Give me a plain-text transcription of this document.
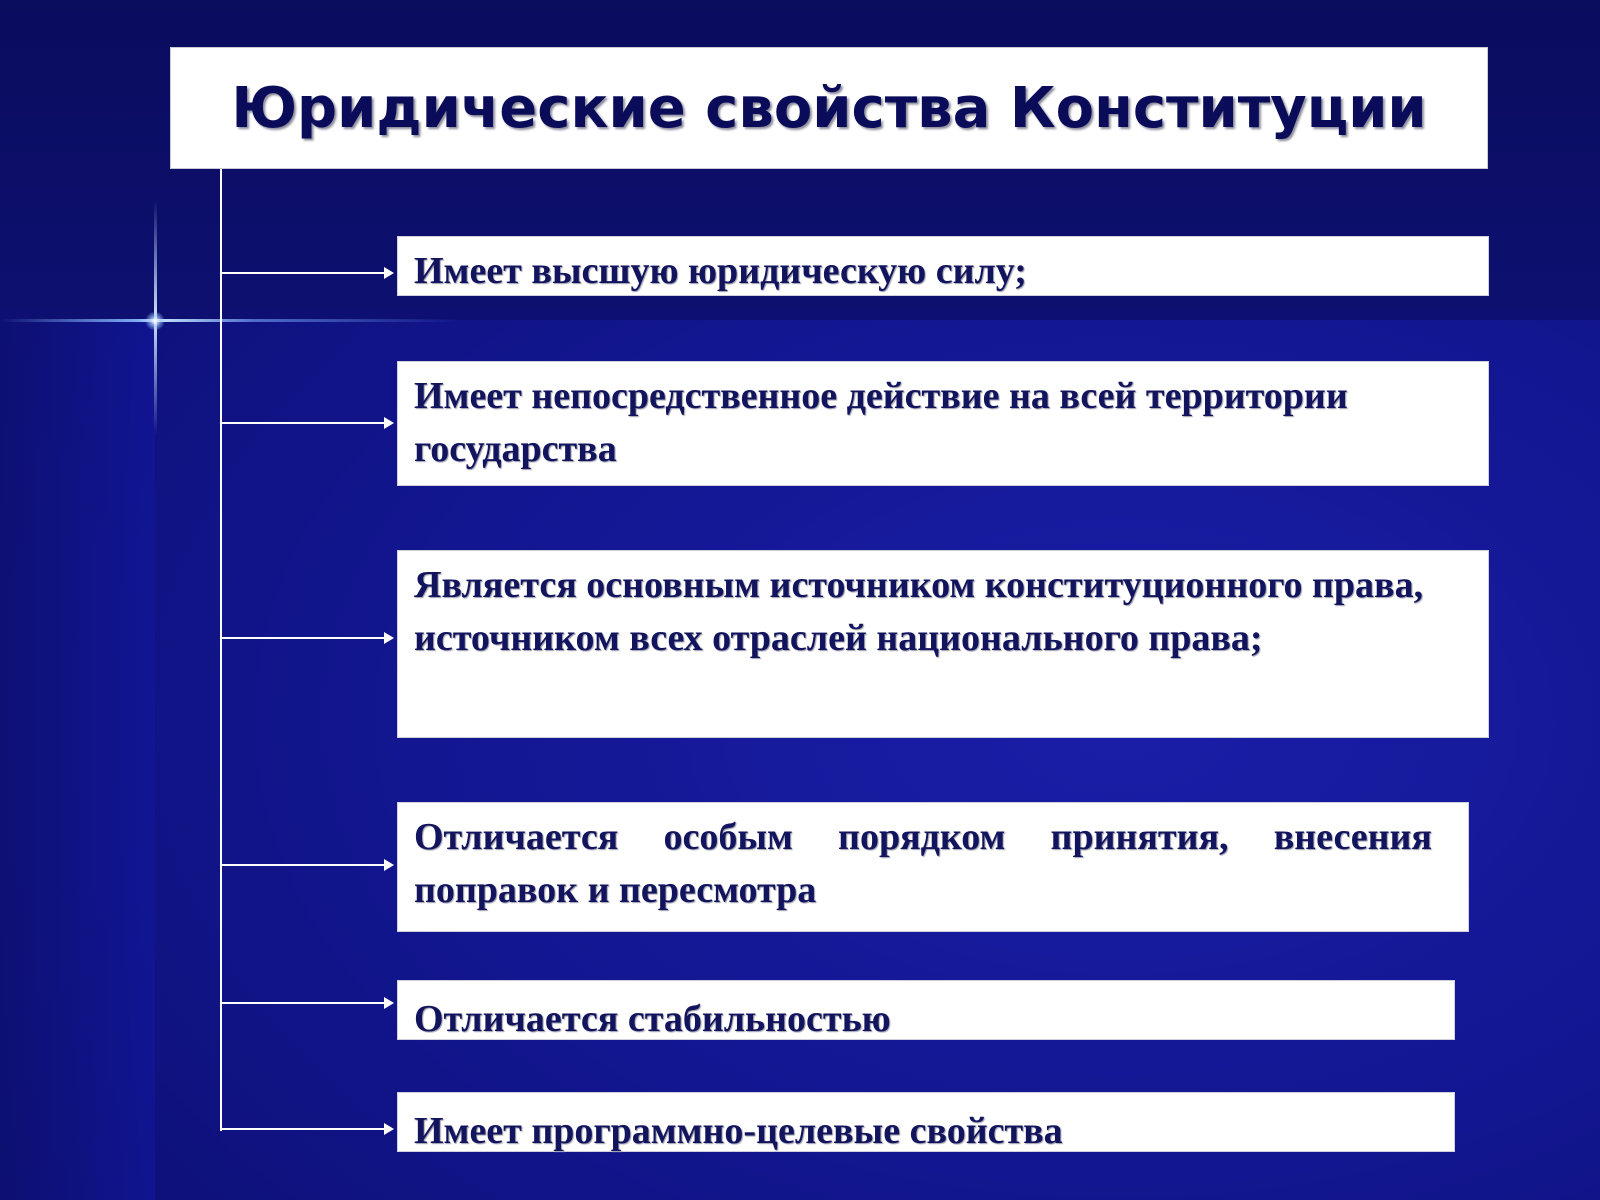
Юридические свойства Конституции
Имеет высшую юридическую силу;
Имеет непосредственное действие на всей территории государства
Является основным источником конституционного права, источником всех отраслей национального права;
Отличается особым порядком принятия, внесения поправок и пересмотра
Отличается стабильностью
Имеет программно-целевые свойства
